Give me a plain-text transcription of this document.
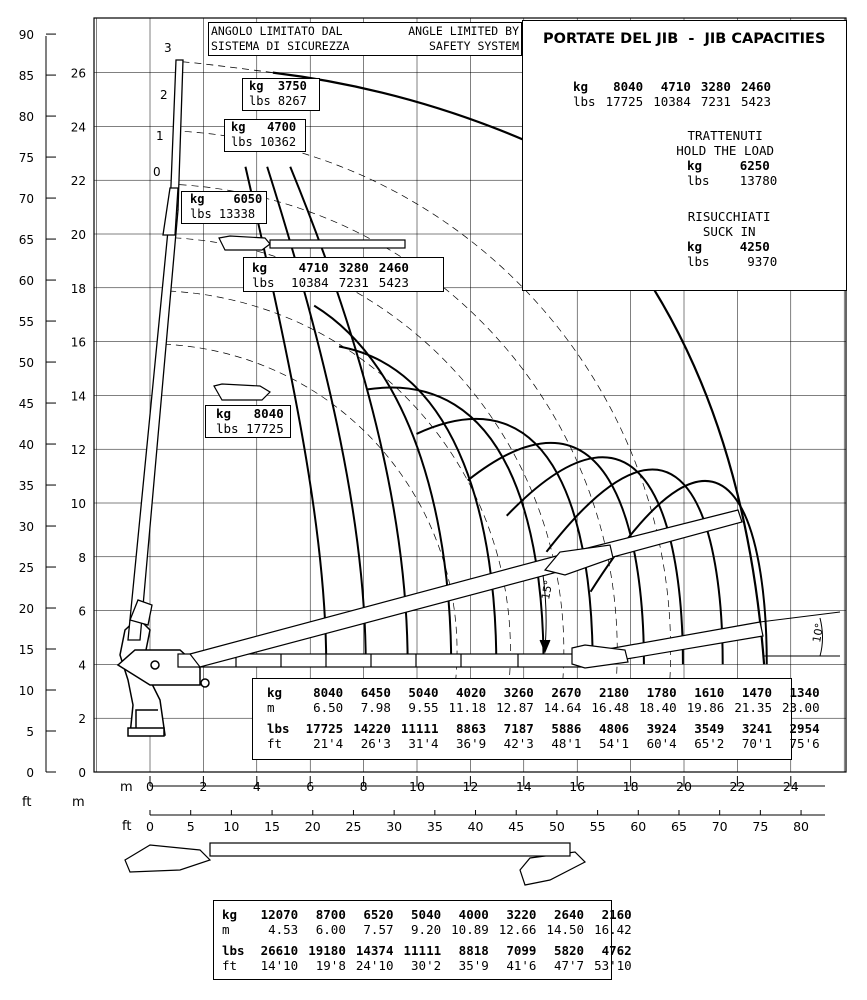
0
2
4
6
8
10
12
14
16
18
20
22
24
26
0
5
10
15
20
25
30
35
40
45
50
55
60
65
70
75
80
85
90
ft	m
m 0	2	4	6	8	10	12	14	16	18	20	22	24
ft 0	5 10 15 20 25 30 35 40 45 50 55 60 65 70 75 80
15°
10°
0
1
2
3
ANGOLO LIMITATO DAL
SISTEMA DI SICUREZZA
ANGLE LIMITED BY
SAFETY SYSTEM PORTATE DEL JIB  -  JIB CAPACITIES
kg	8040	4710	3280	2460
lbs	17725	10384	7231	5423
TRATTENUTI
HOLD THE LOAD
kg	6250
lbs 13780
RISUCCHIATI
SUCK IN
kg	4250
lbs	9370
kg 3750
lbs 8267
kg 4700
lbs 10362
kg 6050
lbs 13338
kg	4710	3280	2460
lbs	10384	7231	5423
kg 8040
lbs 17725
kg	8040	6450	5040	4020	3260	2670	2180	1780	1610	1470	1340
m	6.50	7.98	9.55	11.18	12.87	14.64	16.48	18.40	19.86	21.35	23.00

lbs	17725	14220	11111	8863	7187	5886	4806	3924	3549	3241	2954
ft	21'4	26'3	31'4	36'9	42'3	48'1	54'1	60'4	65'2	70'1	75'6
kg	12070	8700	6520	5040	4000	3220	2640	2160
m	4.53	6.00	7.57	9.20	10.89	12.66	14.50	16.42

lbs	26610	19180	14374	11111	8818	7099	5820	4762
ft	14'10	19'8	24'10	30'2	35'9	41'6	47'7	53'10
